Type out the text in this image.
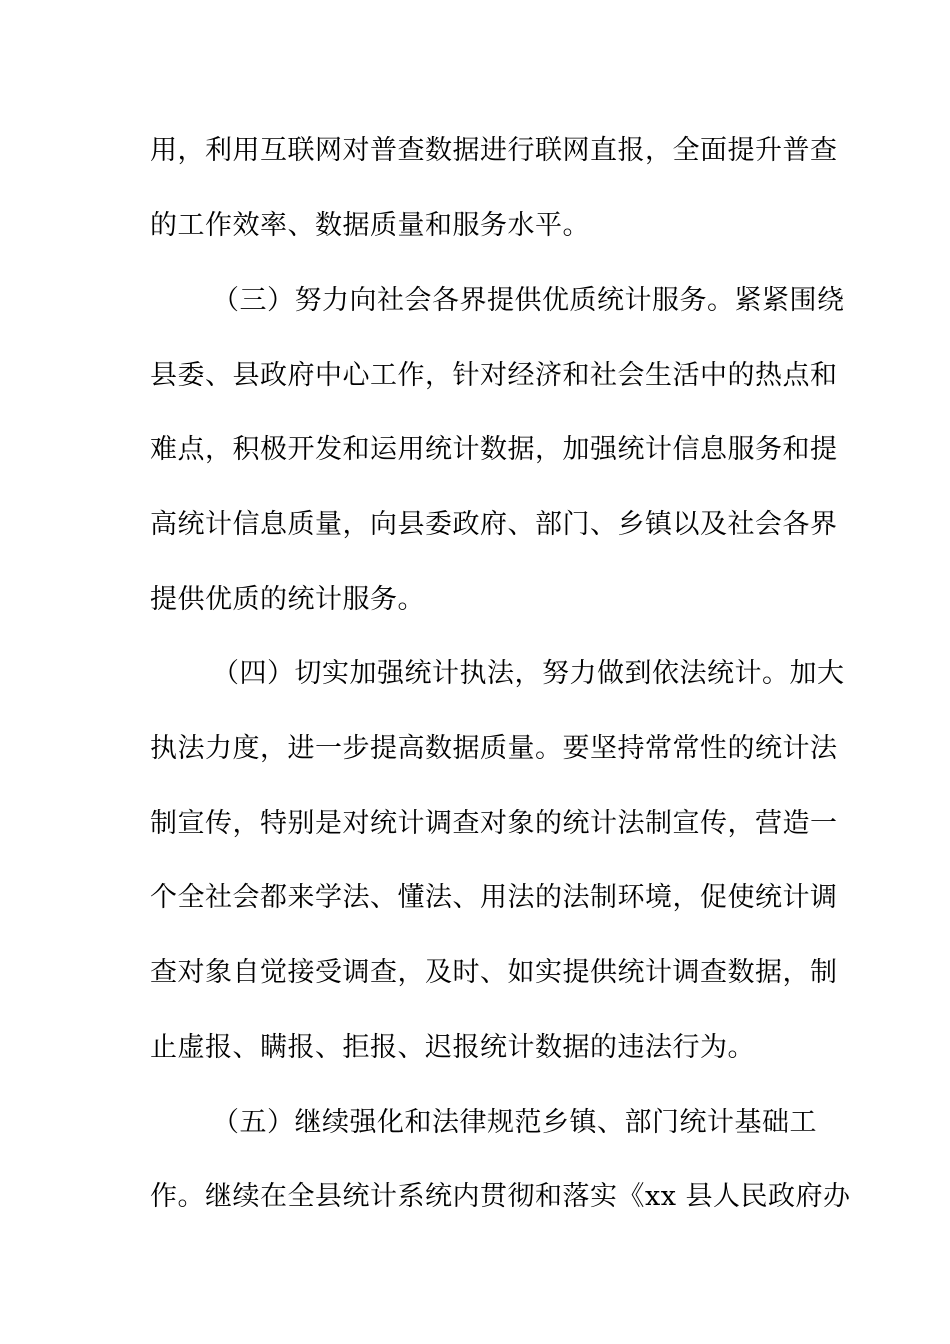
用，利用互联网对普查数据进行联网直报，全面提升普查
的工作效率、数据质量和服务水平。
（三）努力向社会各界提供优质统计服务。紧紧围绕
县委、县政府中心工作，针对经济和社会生活中的热点和
难点，积极开发和运用统计数据，加强统计信息服务和提
高统计信息质量，向县委政府、部门、乡镇以及社会各界
提供优质的统计服务。
（四）切实加强统计执法，努力做到依法统计。加大
执法力度，进一步提高数据质量。要坚持常常性的统计法
制宣传，特别是对统计调查对象的统计法制宣传，营造一
个全社会都来学法、懂法、用法的法制环境，促使统计调
查对象自觉接受调查，及时、如实提供统计调查数据，制
止虚报、瞒报、拒报、迟报统计数据的违法行为。
（五）继续强化和法律规范乡镇、部门统计基础工
作。继续在全县统计系统内贯彻和落实《xx 县人民政府办
